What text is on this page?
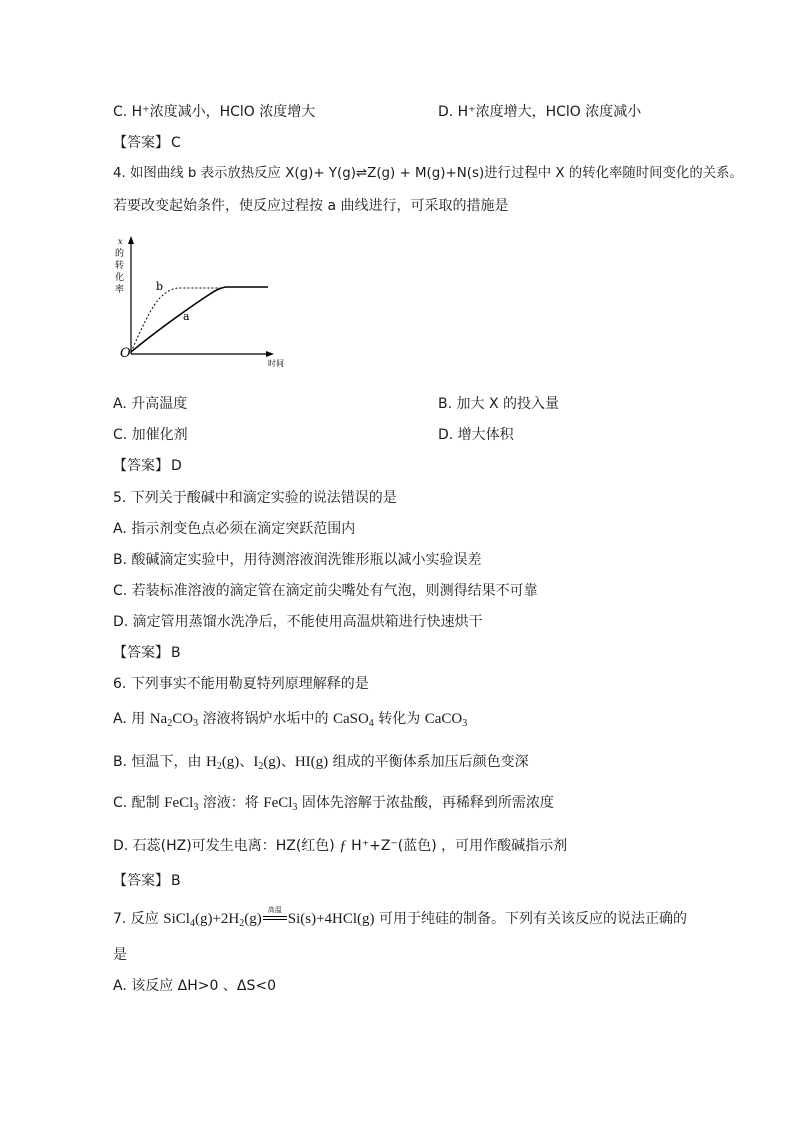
C. H⁺浓度减小，HClO 浓度增大	D. H⁺浓度增大，HClO 浓度减小
【答案】 C
4. 如图曲线 b 表示放热反应 X(g)+ Y(g)⇌Z(g) + M(g)+N(s)进行过程中 X 的转化率随时间变化的关系。
若要改变起始条件，使反应过程按 a 曲线进行，可采取的措施是
x
的
转
化
率
O
时间
b
a
A. 升高温度	B. 加大 X 的投入量
C. 加催化剂	D. 增大体积
【答案】 D
5. 下列关于酸碱中和滴定实验的说法错误的是
A. 指示剂变色点必须在滴定突跃范围内
B. 酸碱滴定实验中，用待测溶液润洗锥形瓶以减小实验误差
C. 若装标准溶液的滴定管在滴定前尖嘴处有气泡，则测得结果不可靠
D. 滴定管用蒸馏水洗净后，不能使用高温烘箱进行快速烘干
【答案】 B
6. 下列事实不能用勒夏特列原理解释的是
A. 用 $Na_2CO_3$ 溶液将锅炉水垢中的 CaSO$_4$ 转化为 CaCO$_3$
B. 恒温下，由 $H_2(g)$、$I_2(g)$、HI(g) 组成的平衡体系加压后颜色变深
C. 配制 FeCl$_3$ 溶液：将 FeCl$_3$ 固体先溶解于浓盐酸，再稀释到所需浓度
D. 石蕊(HZ)可发生电离：HZ(红色) ƒ H⁺+Z⁻(蓝色) ，可用作酸碱指示剂
【答案】 B
7. 反应 $SiCl_4(g)+2H_2(g)$
高温
Si(s)+4HCl(g) 可用于纯硅的制备。下列有关该反应的说法正确的
是
A. 该反应 ΔH>0 、ΔS<0
